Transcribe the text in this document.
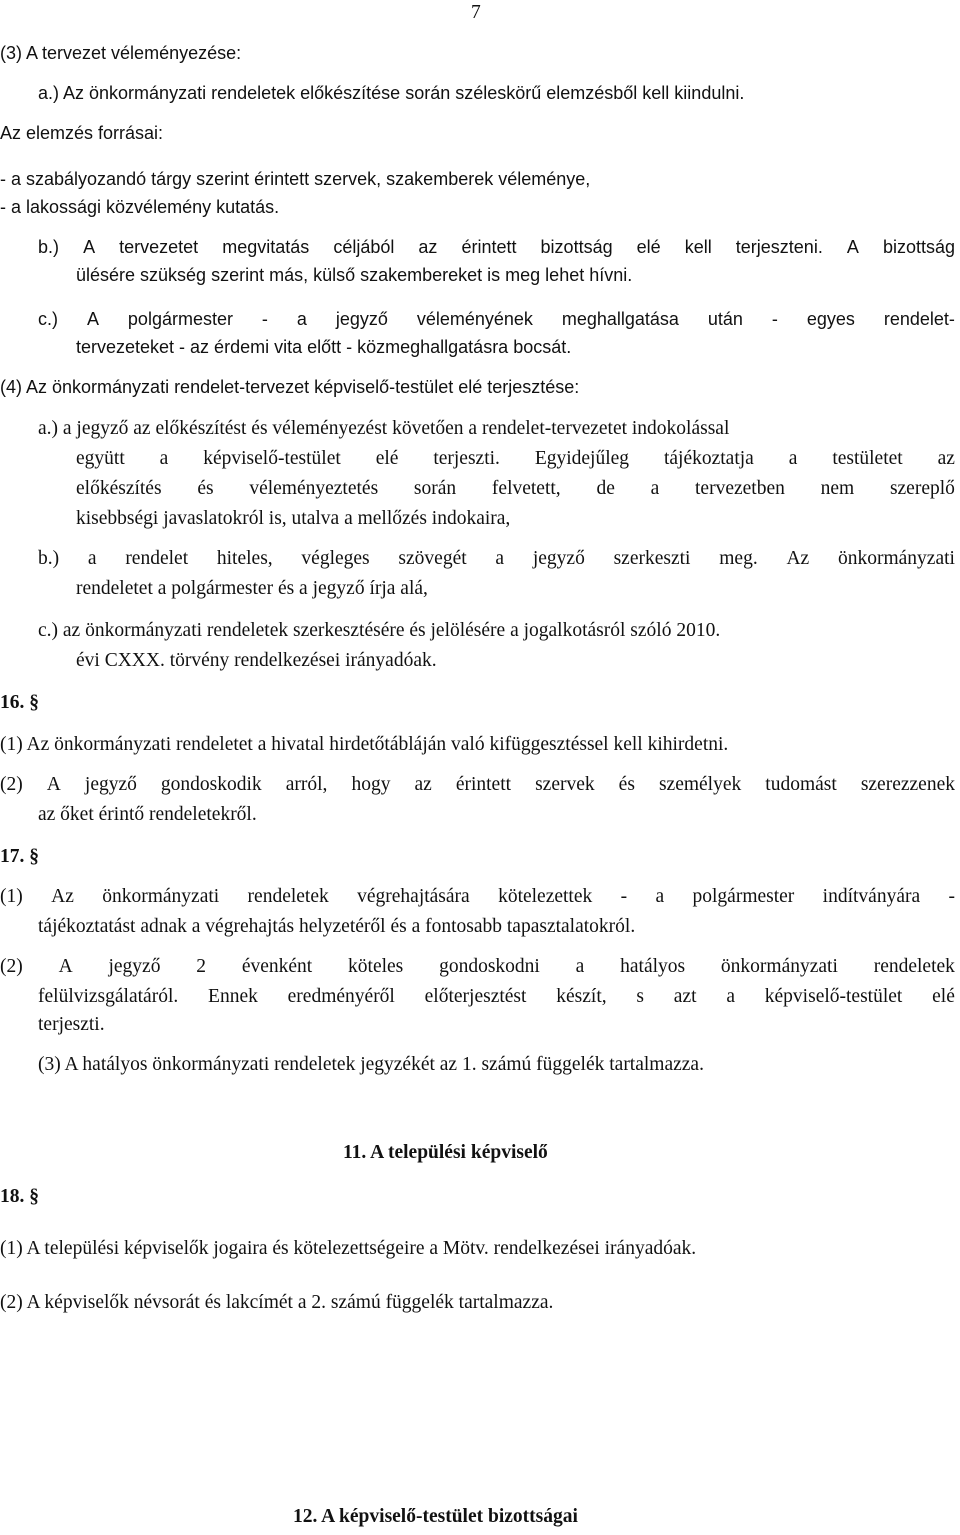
7
(3) A tervezet véleményezése:
a.) Az önkormányzati rendeletek előkészítése során széleskörű elemzésből kell kiindulni.
Az elemzés forrásai:
- a szabályozandó tárgy szerint érintett szervek, szakemberek véleménye,
- a lakossági közvélemény kutatás.
b.) A tervezetet megvitatás céljából az érintett bizottság elé kell terjeszteni. A bizottság
ülésére szükség szerint más, külső szakembereket is meg lehet hívni.
c.) A polgármester - a jegyző véleményének meghallgatása után - egyes rendelet-
tervezeteket - az érdemi vita előtt - közmeghallgatásra bocsát.
(4) Az önkormányzati rendelet-tervezet képviselő-testület elé terjesztése:
a.) a jegyző az előkészítést és véleményezést követően a rendelet-tervezetet indokolással
együtt a képviselő-testület elé terjeszti. Egyidejűleg tájékoztatja a testületet az
előkészítés és véleményeztetés során felvetett, de a tervezetben nem szereplő
kisebbségi javaslatokról is, utalva a mellőzés indokaira,
b.) a rendelet hiteles, végleges szövegét a jegyző szerkeszti meg. Az önkormányzati
rendeletet a polgármester és a jegyző írja alá,
c.) az önkormányzati rendeletek szerkesztésére és jelölésére a jogalkotásról szóló 2010.
évi CXXX. törvény rendelkezései irányadóak.
16. §
(1) Az önkormányzati rendeletet a hivatal hirdetőtábláján való kifüggesztéssel kell kihirdetni.
(2) A jegyző gondoskodik arról, hogy az érintett szervek és személyek tudomást szerezzenek
az őket érintő rendeletekről.
17. §
(1) Az önkormányzati rendeletek végrehajtására kötelezettek - a polgármester indítványára -
tájékoztatást adnak a végrehajtás helyzetéről és a fontosabb tapasztalatokról.
(2) A jegyző 2 évenként köteles gondoskodni a hatályos önkormányzati rendeletek
felülvizsgálatáról. Ennek eredményéről előterjesztést készít, s azt a képviselő-testület elé
terjeszti.
(3) A hatályos önkormányzati rendeletek jegyzékét az 1. számú függelék tartalmazza.
11. A települési képviselő
18. §
(1) A települési képviselők jogaira és kötelezettségeire a Mötv. rendelkezései irányadóak.
(2) A képviselők névsorát és lakcímét a 2. számú függelék tartalmazza.
12. A képviselő-testület bizottságai
